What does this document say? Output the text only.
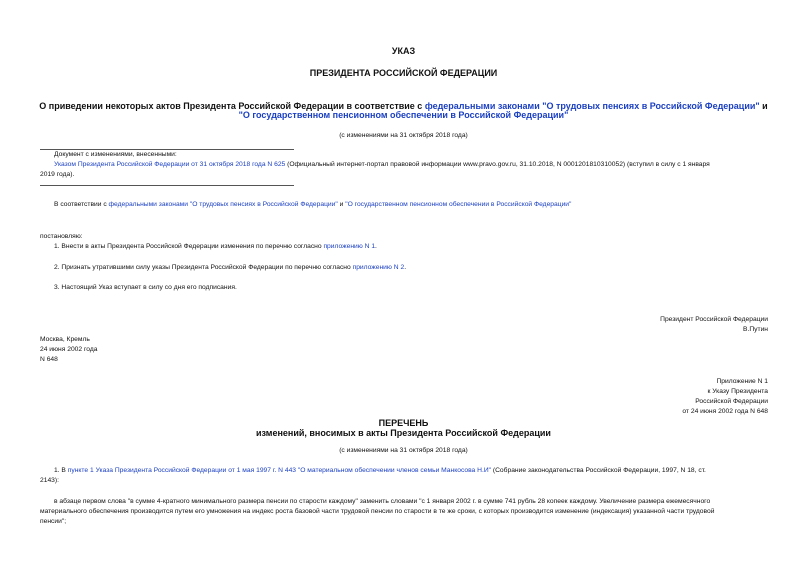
УКАЗ
ПРЕЗИДЕНТА РОССИЙСКОЙ ФЕДЕРАЦИИ
О приведении некоторых актов Президента Российской Федерации в соответствие с федеральными законами "О трудовых пенсиях в Российской Федерации" и
"О государственном пенсионном обеспечении в Российской Федерации"
(с изменениями на 31 октября 2018 года)
Документ с изменениями, внесенными:
Указом Президента Российской Федерации от 31 октября 2018 года N 625 (Официальный интернет-портал правовой информации www.pravo.gov.ru, 31.10.2018, N 0001201810310052) (вступил в силу с 1 января
2019 года).
В соответствии с федеральными законами "О трудовых пенсиях в Российской Федерации" и "О государственном пенсионном обеспечении в Российской Федерации"
постановляю:
1. Внести в акты Президента Российской Федерации изменения по перечню согласно приложению N 1.
2. Признать утратившими силу указы Президента Российской Федерации по перечню согласно приложению N 2.
3. Настоящий Указ вступает в силу со дня его подписания.
Президент Российской Федерации
В.Путин
Москва, Кремль
24 июня 2002 года
N 648
Приложение N 1
к Указу Президента
Российской Федерации
от 24 июня 2002 года N 648
ПЕРЕЧЕНЬ
изменений, вносимых в акты Президента Российской Федерации
(с изменениями на 31 октября 2018 года)
1. В пункте 1 Указа Президента Российской Федерации от 1 мая 1997 г. N 443 "О материальном обеспечении членов семьи Манкосова Н.И" (Собрание законодательства Российской Федерации, 1997, N 18, ст.
2143):
в абзаце первом слова "в сумме 4-кратного минимального размера пенсии по старости каждому" заменить словами "с 1 января 2002 г. в сумме 741 рубль 28 копеек каждому. Увеличение размера ежемесячного
материального обеспечения производится путем его умножения на индекс роста базовой части трудовой пенсии по старости в те же сроки, с которых производится изменение (индексация) указанной части трудовой
пенсии";
